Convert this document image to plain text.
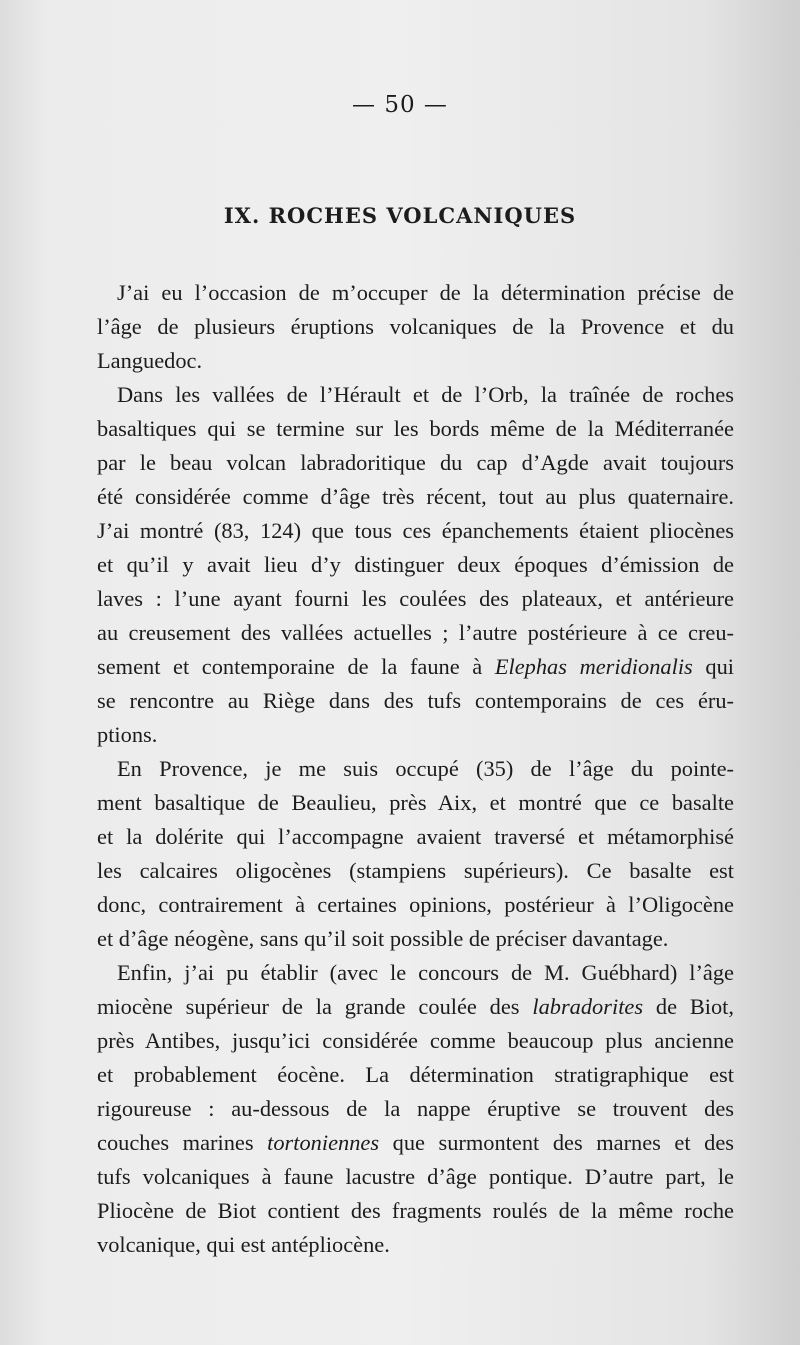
— 50 —
IX. ROCHES VOLCANIQUES
J’ai eu l’occasion de m’occuper de la détermination précise de
l’âge de plusieurs éruptions volcaniques de la Provence et du
Languedoc.
Dans les vallées de l’Hérault et de l’Orb, la traînée de roches
basaltiques qui se termine sur les bords même de la Méditerranée
par le beau volcan labradoritique du cap d’Agde avait toujours
été considérée comme d’âge très récent, tout au plus quaternaire.
J’ai montré (83, 124) que tous ces épanchements étaient pliocènes
et qu’il y avait lieu d’y distinguer deux époques d’émission de
laves : l’une ayant fourni les coulées des plateaux, et antérieure
au creusement des vallées actuelles ; l’autre postérieure à ce creu-
sement et contemporaine de la faune à Elephas meridionalis qui
se rencontre au Riège dans des tufs contemporains de ces éru-
ptions.
En Provence, je me suis occupé (35) de l’âge du pointe-
ment basaltique de Beaulieu, près Aix, et montré que ce basalte
et la dolérite qui l’accompagne avaient traversé et métamorphisé
les calcaires oligocènes (stampiens supérieurs). Ce basalte est
donc, contrairement à certaines opinions, postérieur à l’Oligocène
et d’âge néogène, sans qu’il soit possible de préciser davantage.
Enfin, j’ai pu établir (avec le concours de M. Guébhard) l’âge
miocène supérieur de la grande coulée des labradorites de Biot,
près Antibes, jusqu’ici considérée comme beaucoup plus ancienne
et probablement éocène. La détermination stratigraphique est
rigoureuse : au-dessous de la nappe éruptive se trouvent des
couches marines tortoniennes que surmontent des marnes et des
tufs volcaniques à faune lacustre d’âge pontique. D’autre part, le
Pliocène de Biot contient des fragments roulés de la même roche
volcanique, qui est antépliocène.
